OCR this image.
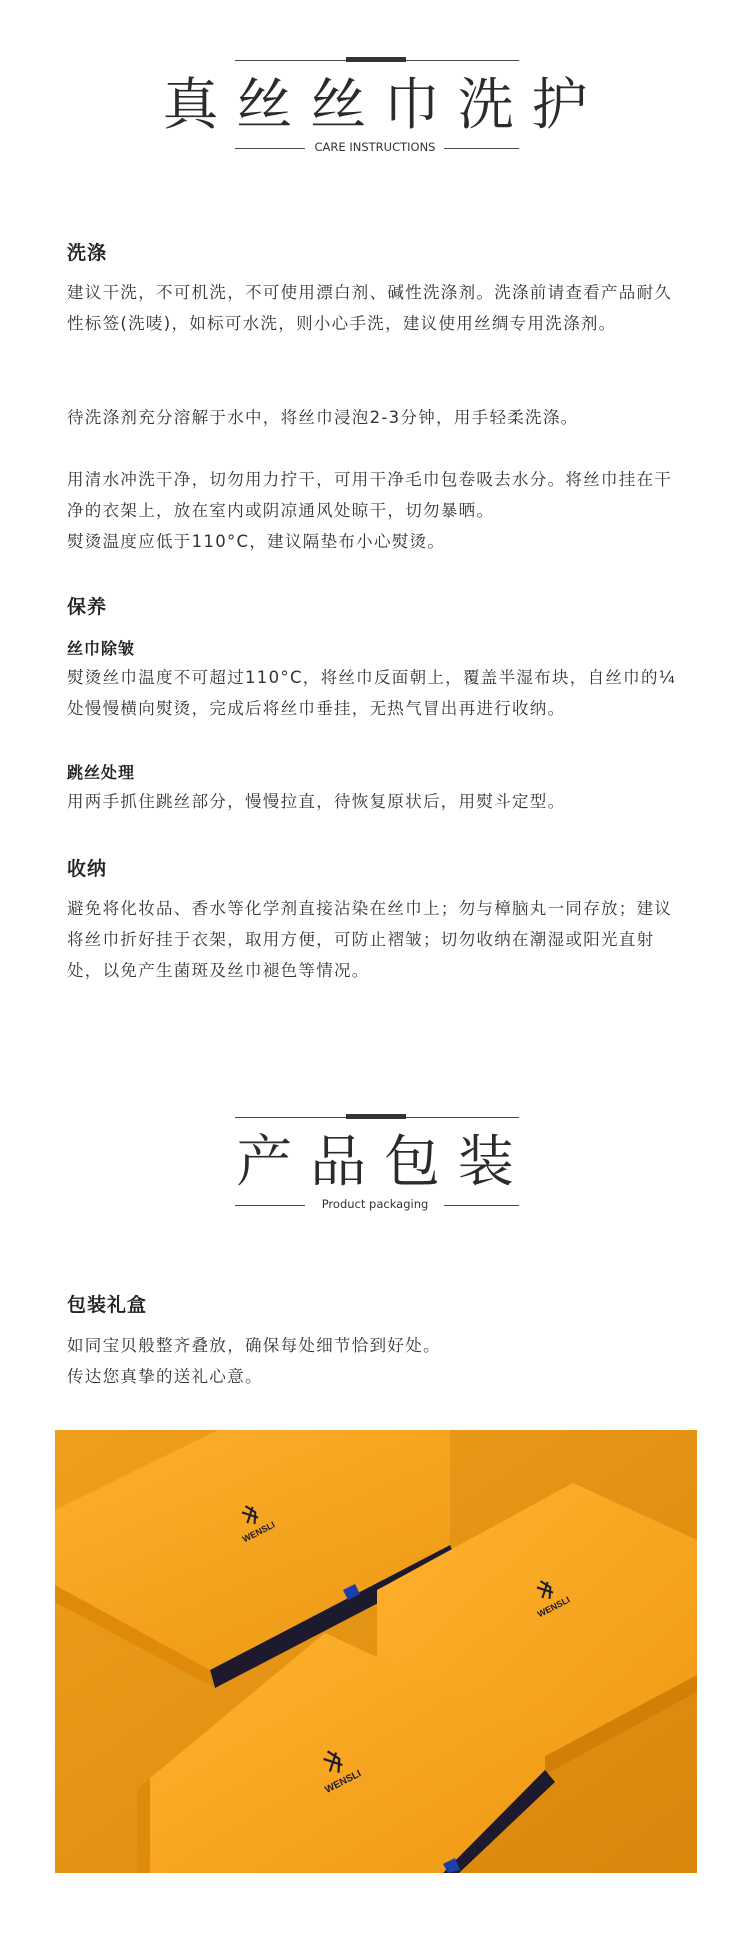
真 丝 丝 巾 洗 护
CARE INSTRUCTIONS
洗涤

建议干洗，不可机洗，不可使用漂白剂、碱性洗涤剂。洗涤前请查看产品耐久性标签(洗唛)，如标可水洗，则小心手洗，建议使用丝绸专用洗涤剂。

待洗涤剂充分溶解于水中，将丝巾浸泡2-3分钟，用手轻柔洗涤。

用清水冲洗干净，切勿用力拧干，可用干净毛巾包卷吸去水分。将丝巾挂在干净的衣架上，放在室内或阴凉通风处晾干，切勿暴晒。

熨烫温度应低于110°C，建议隔垫布小心熨烫。

保养
丝巾除皱

熨烫丝巾温度不可超过110°C，将丝巾反面朝上，覆盖半湿布块，自丝巾的¼处慢慢横向熨烫，完成后将丝巾垂挂，无热气冒出再进行收纳。

跳丝处理

用两手抓住跳丝部分，慢慢拉直，待恢复原状后，用熨斗定型。

收纳

避免将化妆品、香水等化学剂直接沾染在丝巾上；勿与樟脑丸一同存放；建议将丝巾折好挂于衣架，取用方便，可防止褶皱；切勿收纳在潮湿或阳光直射处，以免产生菌斑及丝巾褪色等情况。

产 品 包 装
Product packaging
包装礼盒

如同宝贝般整齐叠放，确保每处细节恰到好处。

传达您真挚的送礼心意。

WENSLI
WENSLI
WENSLI
